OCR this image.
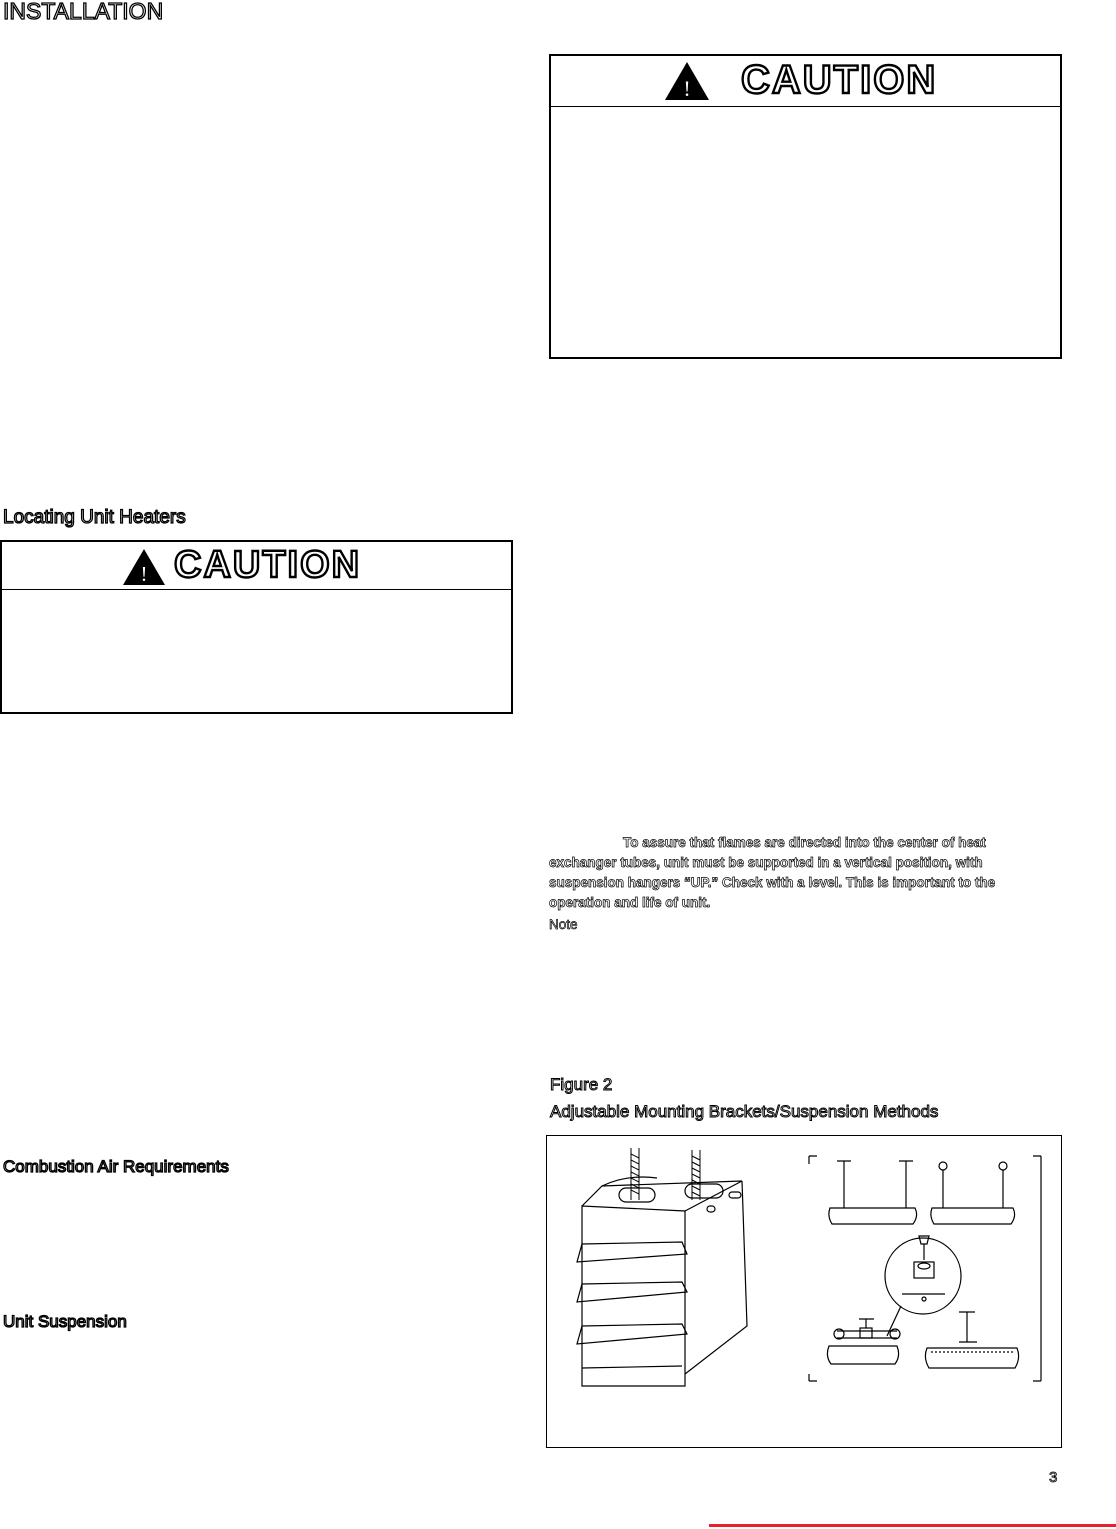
INSTALLATION
! CAUTION
Locating Unit Heaters
! CAUTION
To assure that flames are directed into the center of heat exchanger tubes, unit must be supported in a vertical position, with suspension hangers “UP.” Check with a level. This is important to the operation and life of unit.
Note
Figure 2
Adjustable Mounting Brackets/Suspension Methods
Combustion Air Requirements
Unit Suspension
3
